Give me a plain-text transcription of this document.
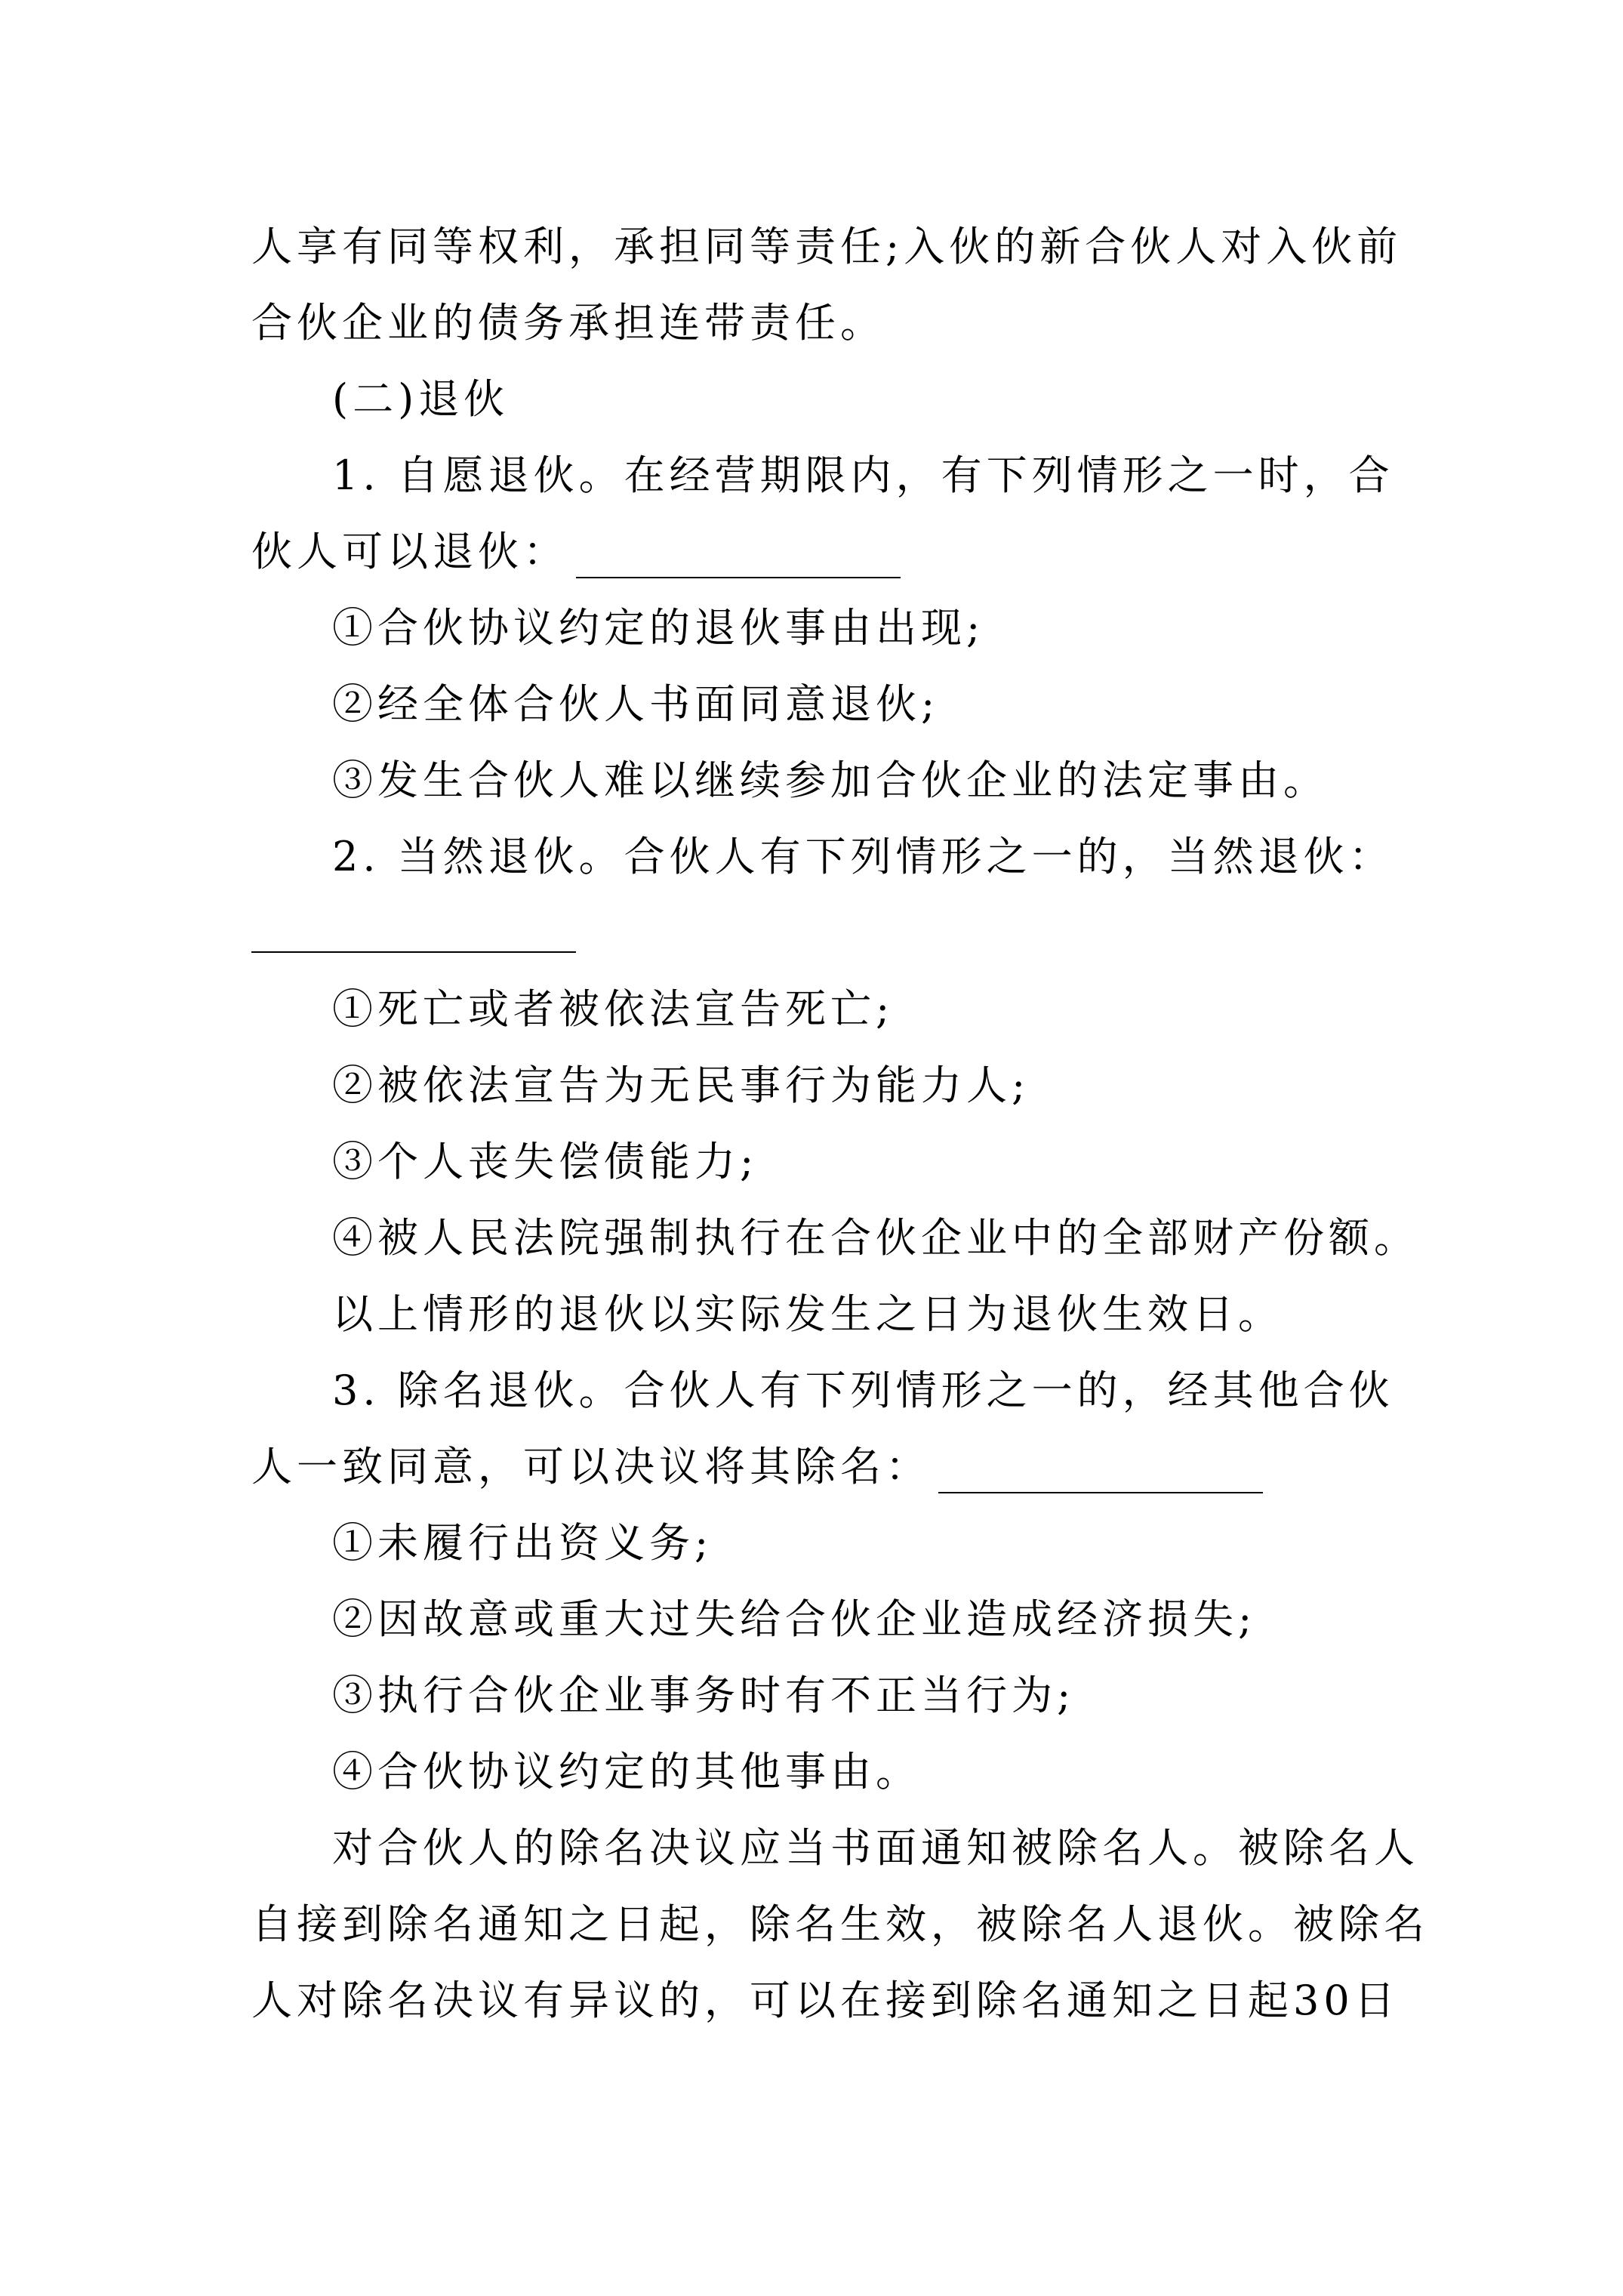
人享有同等权利，承担同等责任;入伙的新合伙人对入伙前
合伙企业的债务承担连带责任。
(二)退伙
1. 自愿退伙。在经营期限内，有下列情形之一时，合
伙人可以退伙：
①合伙协议约定的退伙事由出现;
②经全体合伙人书面同意退伙;
③发生合伙人难以继续参加合伙企业的法定事由。
2. 当然退伙。合伙人有下列情形之一的，当然退伙：
①死亡或者被依法宣告死亡;
②被依法宣告为无民事行为能力人;
③个人丧失偿债能力;
④被人民法院强制执行在合伙企业中的全部财产份额。
以上情形的退伙以实际发生之日为退伙生效日。
3. 除名退伙。合伙人有下列情形之一的，经其他合伙
人一致同意，可以决议将其除名：
①未履行出资义务;
②因故意或重大过失给合伙企业造成经济损失;
③执行合伙企业事务时有不正当行为;
④合伙协议约定的其他事由。
对合伙人的除名决议应当书面通知被除名人。被除名人
自接到除名通知之日起，除名生效，被除名人退伙。被除名
人对除名决议有异议的，可以在接到除名通知之日起30日
